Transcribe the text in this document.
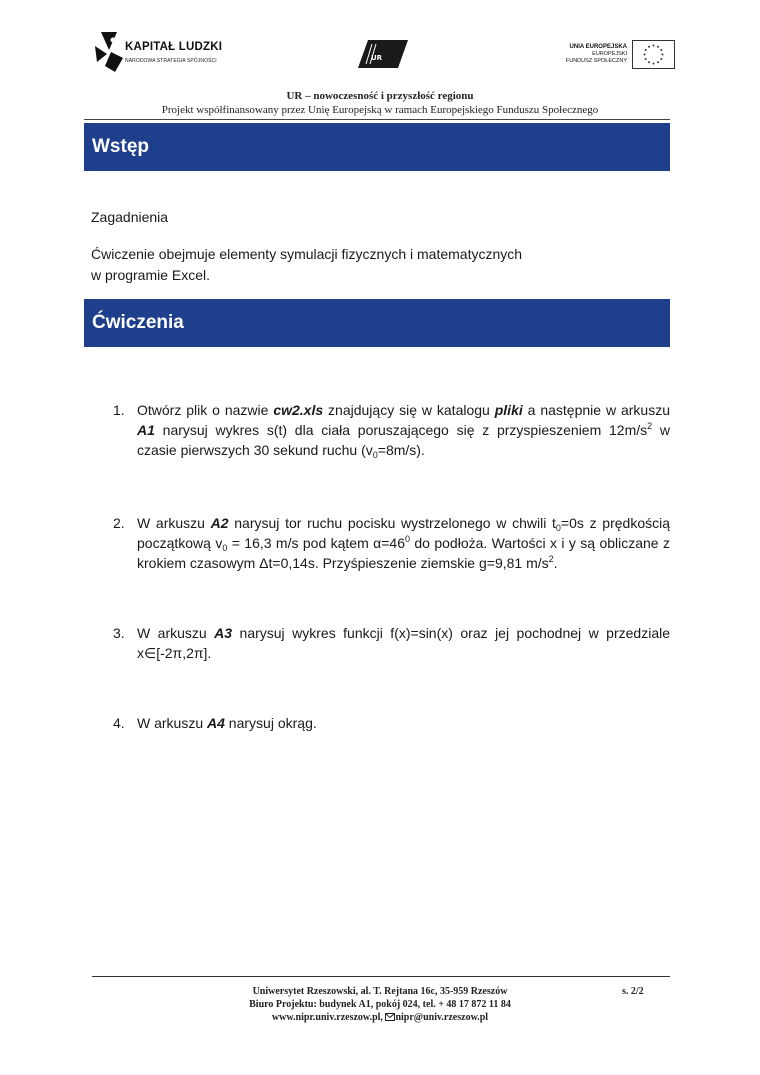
KAPITAŁ LUDZKI
NARODOWA STRATEGIA SPÓJNOŚCI	UR
UNIA EUROPEJSKA
EUROPEJSKI
FUNDUSZ SPOŁECZNY
UR – nowoczesność i przyszłość regionu
Projekt współfinansowany przez Unię Europejską w ramach Europejskiego Funduszu Społecznego
Wstęp
Zagadnienia
Ćwiczenie obejmuje elementy symulacji fizycznych i matematycznych
w programie Excel.
Ćwiczenia
1. Otwórz plik o nazwie cw2.xls znajdujący się w katalogu pliki a następnie w arkuszu A1 narysuj wykres s(t) dla ciała poruszającego się z przyspieszeniem $12m/s^2$ w czasie pierwszych 30 sekund ruchu $(v_0=8m/s)$.
2. W arkuszu A2 narysuj tor ruchu pocisku wystrzelonego w chwili $t_0=0s$ z prędkością początkową $v_0 = 16,3$ m/s pod kątem $\alpha=46^0$ do podłoża. Wartości x i y są obliczane z krokiem czasowym Δt=0,14s. Przyśpieszenie ziemskie g=9,81 $m/s^2$.
3. W arkuszu A3 narysuj wykres funkcji f(x)=sin(x) oraz jej pochodnej w przedziale x∈[-2π,2π].
4. W arkuszu A4 narysuj okrąg.
Uniwersytet Rzeszowski, al. T. Rejtana 16c, 35-959 Rzeszów
Biuro Projektu: budynek A1, pokój 024, tel. + 48 17 872 11 84
www.nipr.univ.rzeszow.pl, nipr@univ.rzeszow.pl
s. 2/2
